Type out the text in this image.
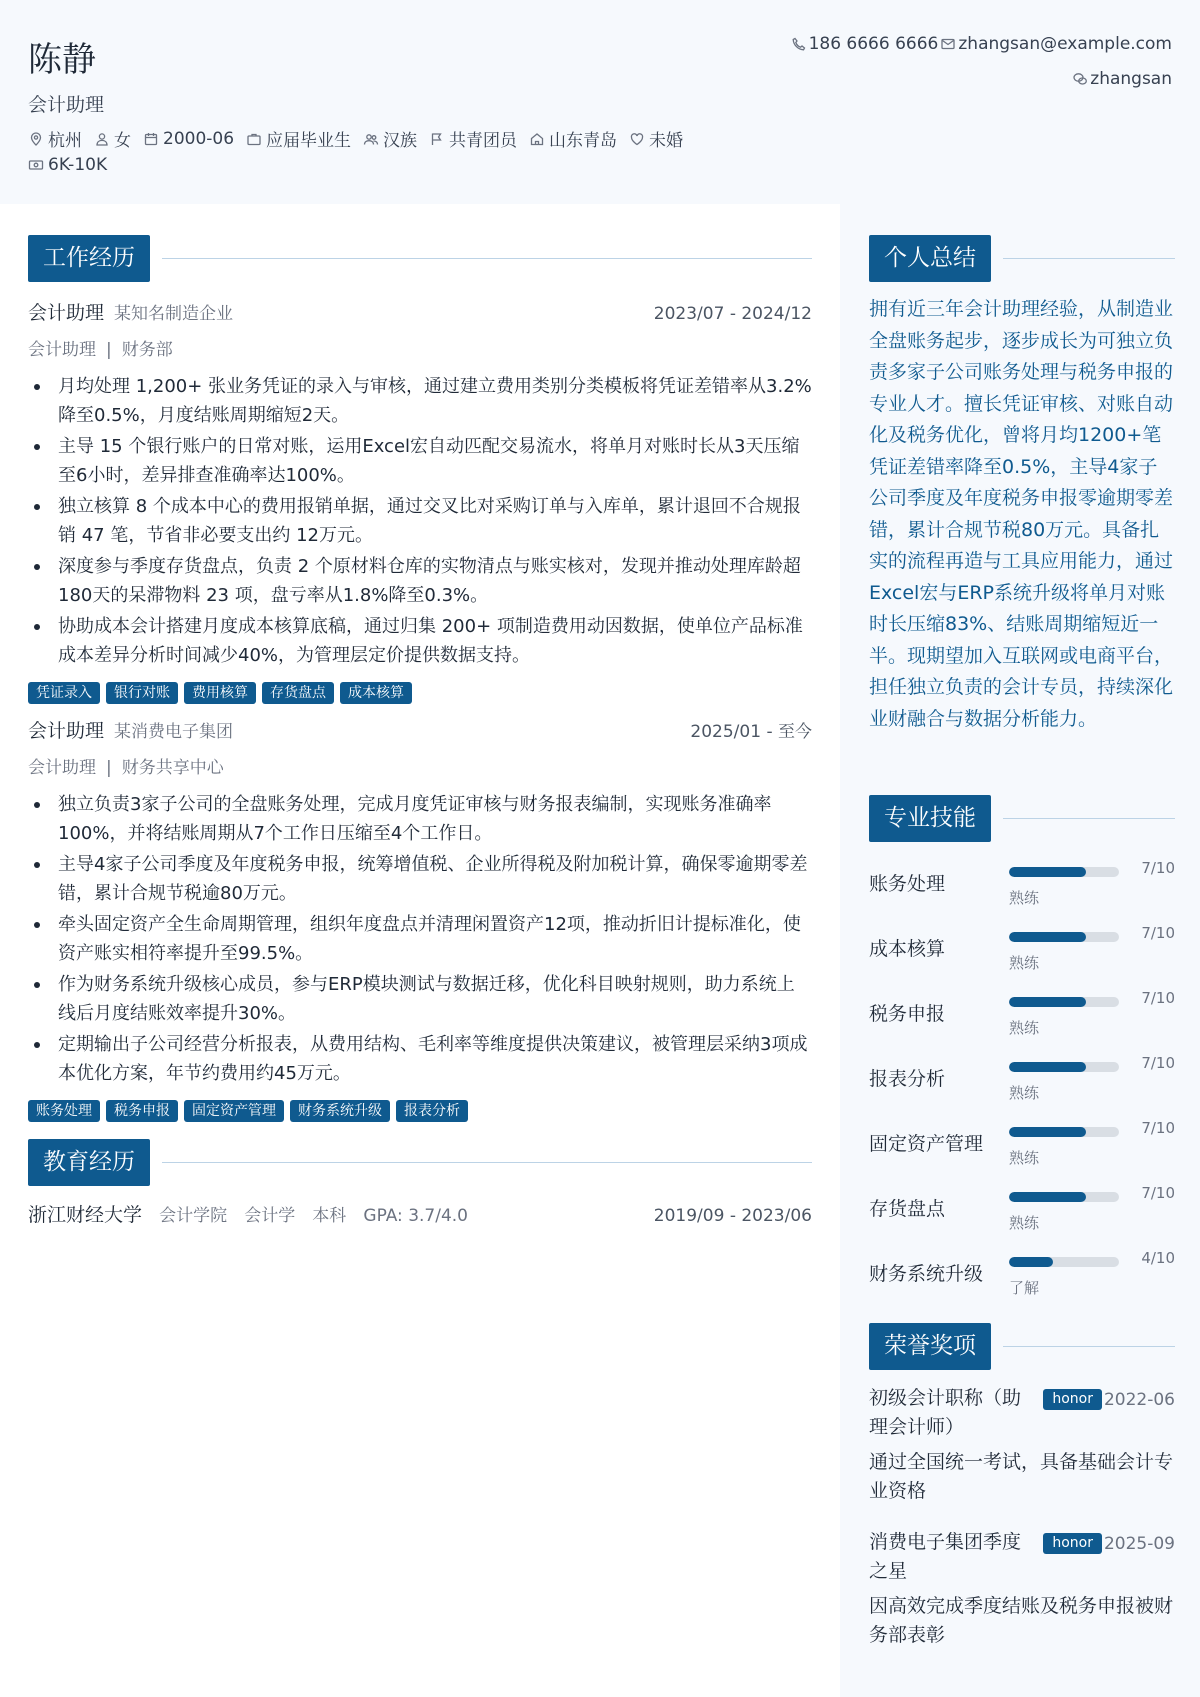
陈静
会计助理
杭州 女 2000-06 应届毕业生 汉族 共青团员 山东青岛 未婚
6K-10K
186 6666 6666 zhangsan@example.com
zhangsan
工作经历
会计助理 某知名制造企业	2023/07 - 2024/12
会计助理 | 财务部
月均处理 1,200+ 张业务凭证的录入与审核，通过建立费用类别分类模板将凭证差错率从3.2%降至0.5%，月度结账周期缩短2天。
主导 15 个银行账户的日常对账，运用Excel宏自动匹配交易流水，将单月对账时长从3天压缩至6小时，差异排查准确率达100%。
独立核算 8 个成本中心的费用报销单据，通过交叉比对采购订单与入库单，累计退回不合规报销 47 笔，节省非必要支出约 12万元。
深度参与季度存货盘点，负责 2 个原材料仓库的实物清点与账实核对，发现并推动处理库龄超180天的呆滞物料 23 项，盘亏率从1.8%降至0.3%。
协助成本会计搭建月度成本核算底稿，通过归集 200+ 项制造费用动因数据，使单位产品标准成本差异分析时间减少40%，为管理层定价提供数据支持。
凭证录入	银行对账	费用核算	存货盘点	成本核算
会计助理 某消费电子集团	2025/01 - 至今
会计助理 | 财务共享中心
独立负责3家子公司的全盘账务处理，完成月度凭证审核与财务报表编制，实现账务准确率100%，并将结账周期从7个工作日压缩至4个工作日。
主导4家子公司季度及年度税务申报，统筹增值税、企业所得税及附加税计算，确保零逾期零差错，累计合规节税逾80万元。
牵头固定资产全生命周期管理，组织年度盘点并清理闲置资产12项，推动折旧计提标准化，使资产账实相符率提升至99.5%。
作为财务系统升级核心成员，参与ERP模块测试与数据迁移，优化科目映射规则，助力系统上线后月度结账效率提升30%。
定期输出子公司经营分析报表，从费用结构、毛利率等维度提供决策建议，被管理层采纳3项成本优化方案，年节约费用约45万元。
账务处理	税务申报	固定资产管理	财务系统升级	报表分析
教育经历
浙江财经大学 会计学院 会计学 本科 GPA: 3.7/4.0	2019/09 - 2023/06
个人总结
拥有近三年会计助理经验，从制造业全盘账务起步，逐步成长为可独立负责多家子公司账务处理与税务申报的专业人才。擅长凭证审核、对账自动化及税务优化，曾将月均1200+笔凭证差错率降至0.5%，主导4家子公司季度及年度税务申报零逾期零差错，累计合规节税80万元。具备扎实的流程再造与工具应用能力，通过Excel宏与ERP系统升级将单月对账时长压缩83%、结账周期缩短近一半。现期望加入互联网或电商平台，担任独立负责的会计专员，持续深化业财融合与数据分析能力。
专业技能
账务处理
7/10
熟练
成本核算
7/10
熟练
税务申报
7/10
熟练
报表分析
7/10
熟练
固定资产管理
7/10
熟练
存货盘点
7/10
熟练
财务系统升级
4/10
了解
荣誉奖项
初级会计职称（助理会计师）
honor 2022-06
通过全国统一考试，具备基础会计专业资格
消费电子集团季度之星
honor 2025-09
因高效完成季度结账及税务申报被财务部表彰
